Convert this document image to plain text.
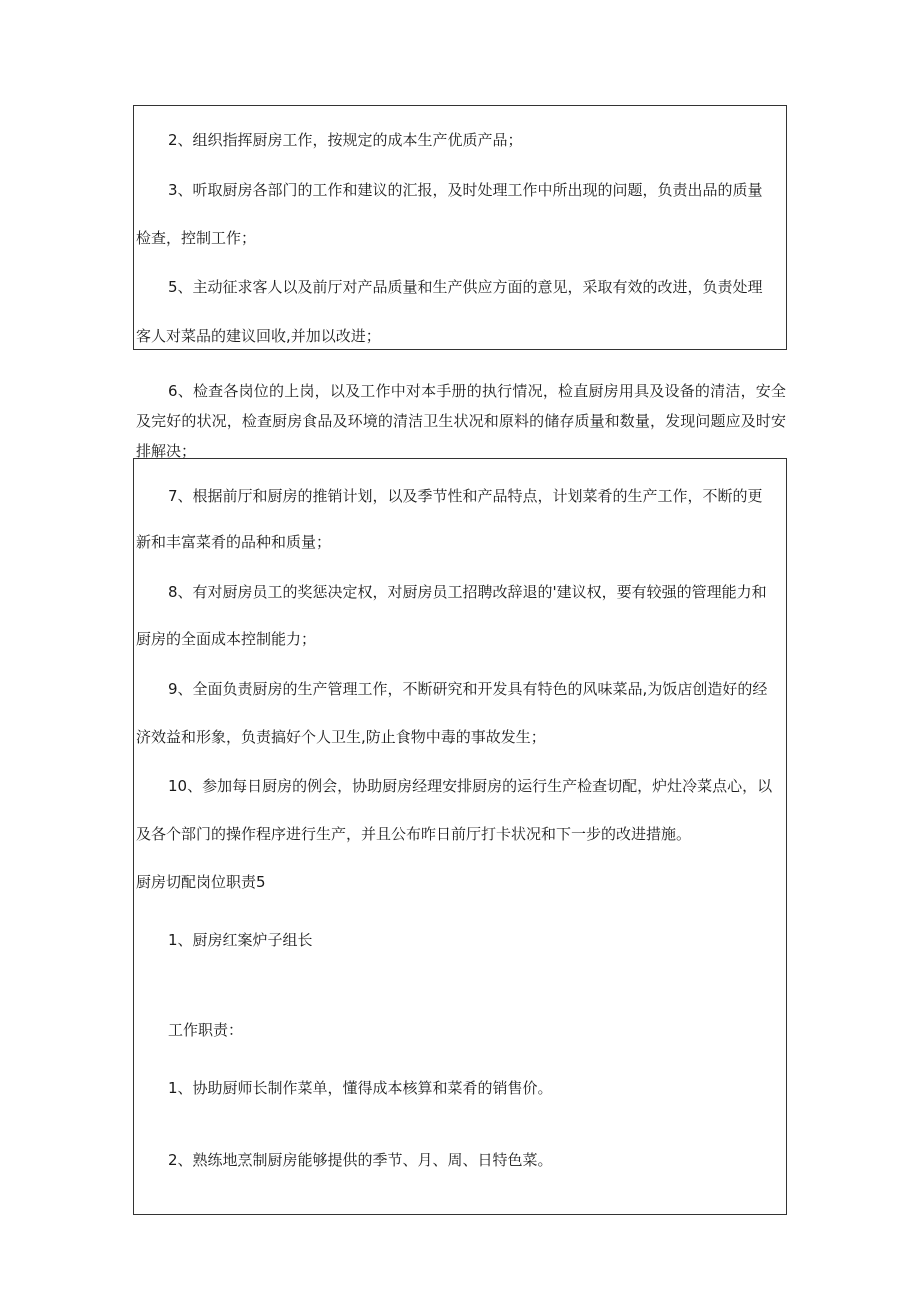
2、组织指挥厨房工作，按规定的成本生产优质产品；
3、听取厨房各部门的工作和建议的汇报，及时处理工作中所出现的问题，负责出品的质量
检查，控制工作；
5、主动征求客人以及前厅对产品质量和生产供应方面的意见，采取有效的改进，负责处理
客人对菜品的建议回收,并加以改进；
6、检查各岗位的上岗，以及工作中对本手册的执行情况，检直厨房用具及设备的清洁，安全及完好的状况，检查厨房食品及环境的清洁卫生状况和原料的储存质量和数量，发现问题应及时安排解决；
7、根据前厅和厨房的推销计划，以及季节性和产品特点，计划菜肴的生产工作，不断的更
新和丰富菜肴的品种和质量；
8、有对厨房员工的奖惩决定权，对厨房员工招聘改辞退的'建议权，要有较强的管理能力和
厨房的全面成本控制能力；
9、全面负责厨房的生产管理工作，不断研究和开发具有特色的风味菜品,为饭店创造好的经
济效益和形象，负责搞好个人卫生,防止食物中毒的事故发生；
10、参加每日厨房的例会，协助厨房经理安排厨房的运行生产检查切配，炉灶冷菜点心，以
及各个部门的操作程序进行生产，并且公布昨日前厅打卡状况和下一步的改进措施。
厨房切配岗位职责5
1、厨房红案炉子组长
工作职责：
1、协助厨师长制作菜单，懂得成本核算和菜肴的销售价。
2、熟练地烹制厨房能够提供的季节、月、周、日特色菜。
